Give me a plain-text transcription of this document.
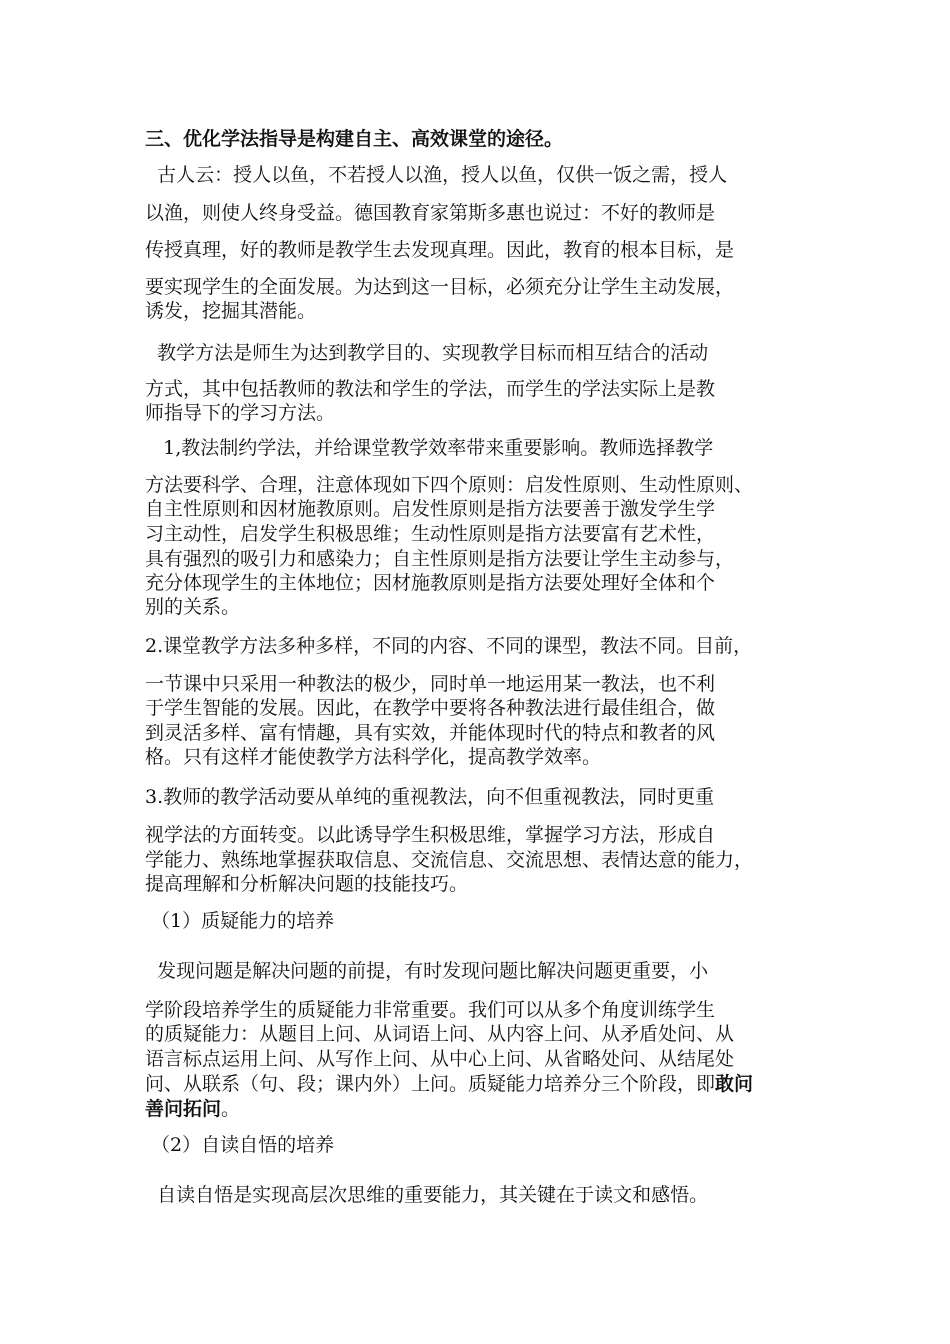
三、优化学法指导是构建自主、高效课堂的途径。

古人云：授人以鱼，不若授人以渔，授人以鱼，仅供一饭之需，授人

以渔，则使人终身受益。德国教育家第斯多惠也说过：不好的教师是

传授真理，好的教师是教学生去发现真理。因此，教育的根本目标，是

要实现学生的全面发展。为达到这一目标，必须充分让学生主动发展，

诱发，挖掘其潜能。

教学方法是师生为达到教学目的、实现教学目标而相互结合的活动

方式，其中包括教师的教法和学生的学法，而学生的学法实际上是教

师指导下的学习方法。

1,教法制约学法，并给课堂教学效率带来重要影响。教师选择教学

方法要科学、合理，注意体现如下四个原则：启发性原则、生动性原则、

自主性原则和因材施教原则。启发性原则是指方法要善于激发学生学

习主动性，启发学生积极思维；生动性原则是指方法要富有艺术性，

具有强烈的吸引力和感染力；自主性原则是指方法要让学生主动参与，

充分体现学生的主体地位；因材施教原则是指方法要处理好全体和个

别的关系。

2.课堂教学方法多种多样，不同的内容、不同的课型，教法不同。目前，

一节课中只采用一种教法的极少，同时单一地运用某一教法，也不利

于学生智能的发展。因此，在教学中要将各种教法进行最佳组合，做

到灵活多样、富有情趣，具有实效，并能体现时代的特点和教者的风

格。只有这样才能使教学方法科学化，提高教学效率。

3.教师的教学活动要从单纯的重视教法，向不但重视教法，同时更重

视学法的方面转变。以此诱导学生积极思维，掌握学习方法，形成自

学能力、熟练地掌握获取信息、交流信息、交流思想、表情达意的能力，

提高理解和分析解决问题的技能技巧。

（1）质疑能力的培养

发现问题是解决问题的前提，有时发现问题比解决问题更重要，小

学阶段培养学生的质疑能力非常重要。我们可以从多个角度训练学生

的质疑能力：从题目上问、从词语上问、从内容上问、从矛盾处问、从

语言标点运用上问、从写作上问、从中心上问、从省略处问、从结尾处

问、从联系（句、段；课内外）上问。质疑能力培养分三个阶段，即敢问

善问拓问。

（2）自读自悟的培养

自读自悟是实现高层次思维的重要能力，其关键在于读文和感悟。
